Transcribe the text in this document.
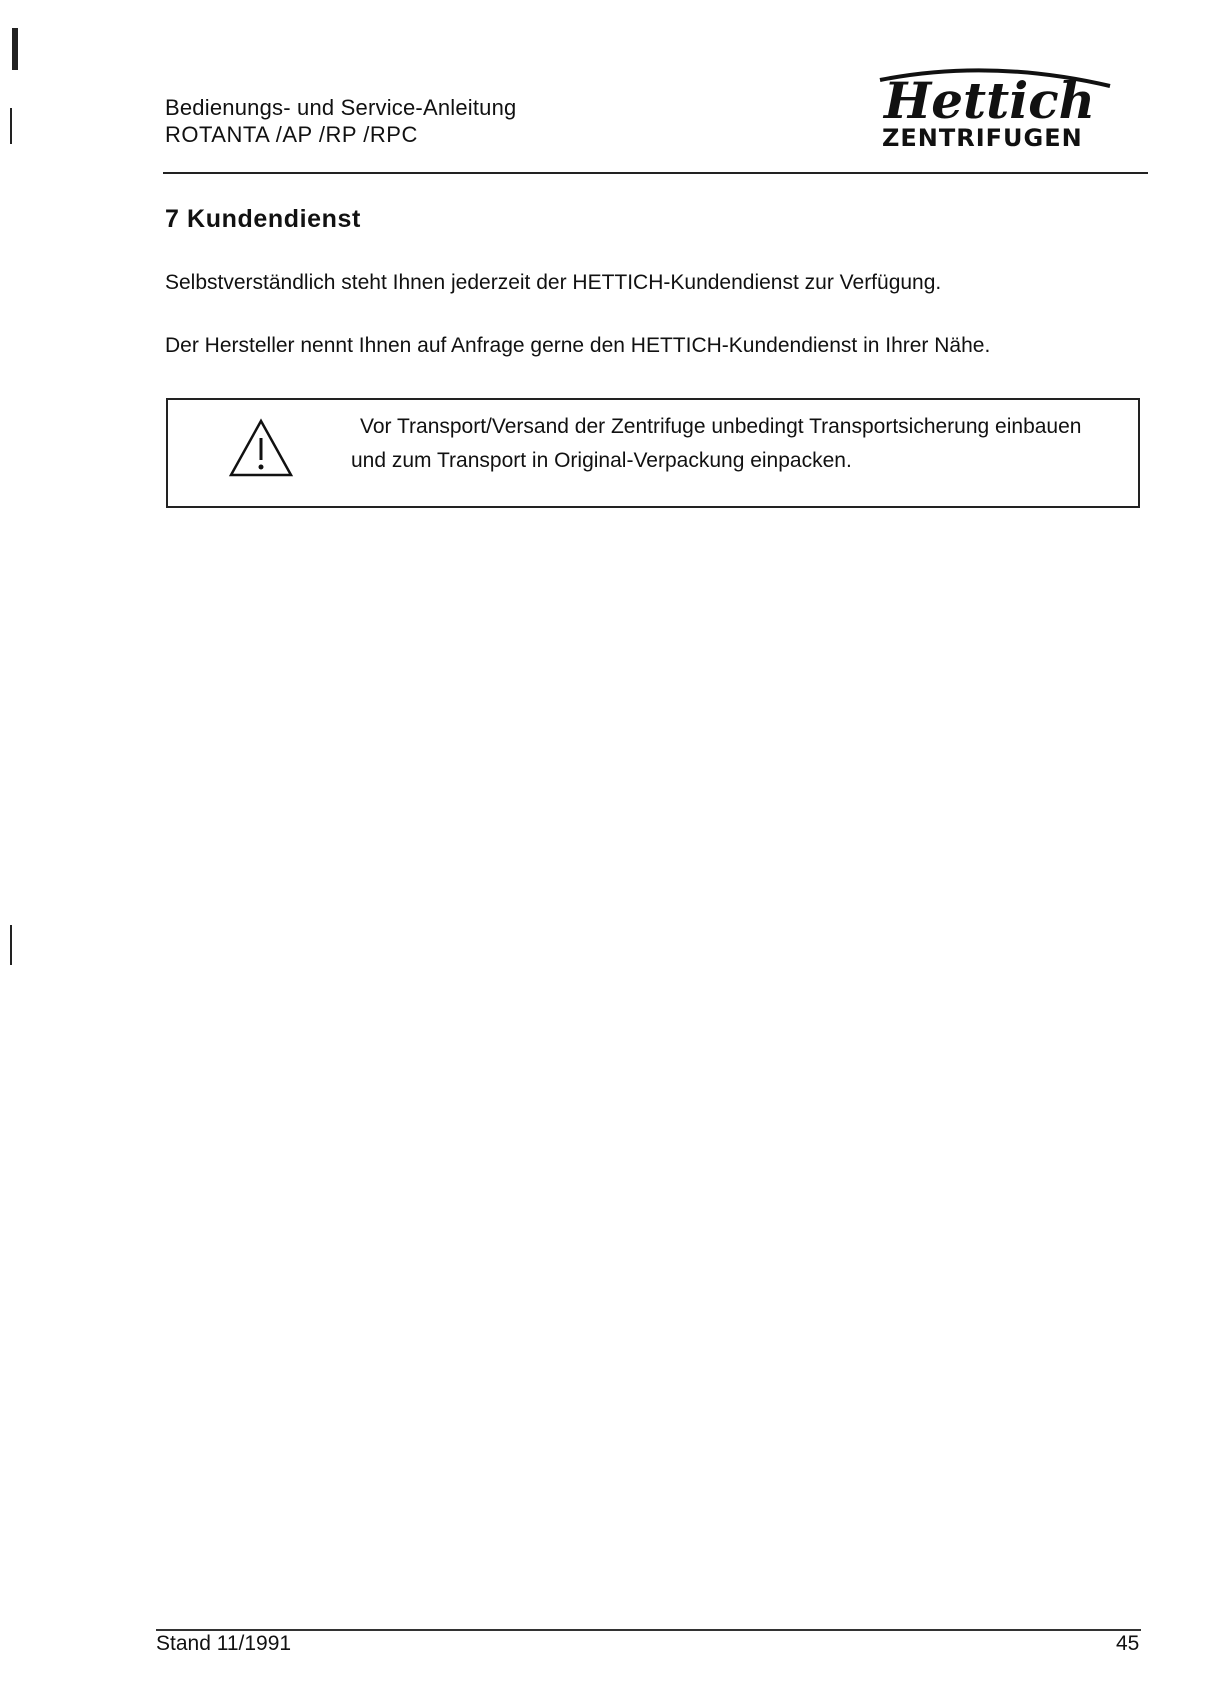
Bedienungs- und Service-Anleitung
ROTANTA /AP /RP /RPC
Hettich
ZENTRIFUGEN
7 Kundendienst
Selbstverständlich steht Ihnen jederzeit der HETTICH-Kundendienst zur Verfügung.
Der Hersteller nennt Ihnen auf Anfrage gerne den HETTICH-Kundendienst in Ihrer Nähe.
Vor Transport/Versand der Zentrifuge unbedingt Transportsicherung einbauen
und zum Transport in Original-Verpackung einpacken.
Stand 11/1991	45
